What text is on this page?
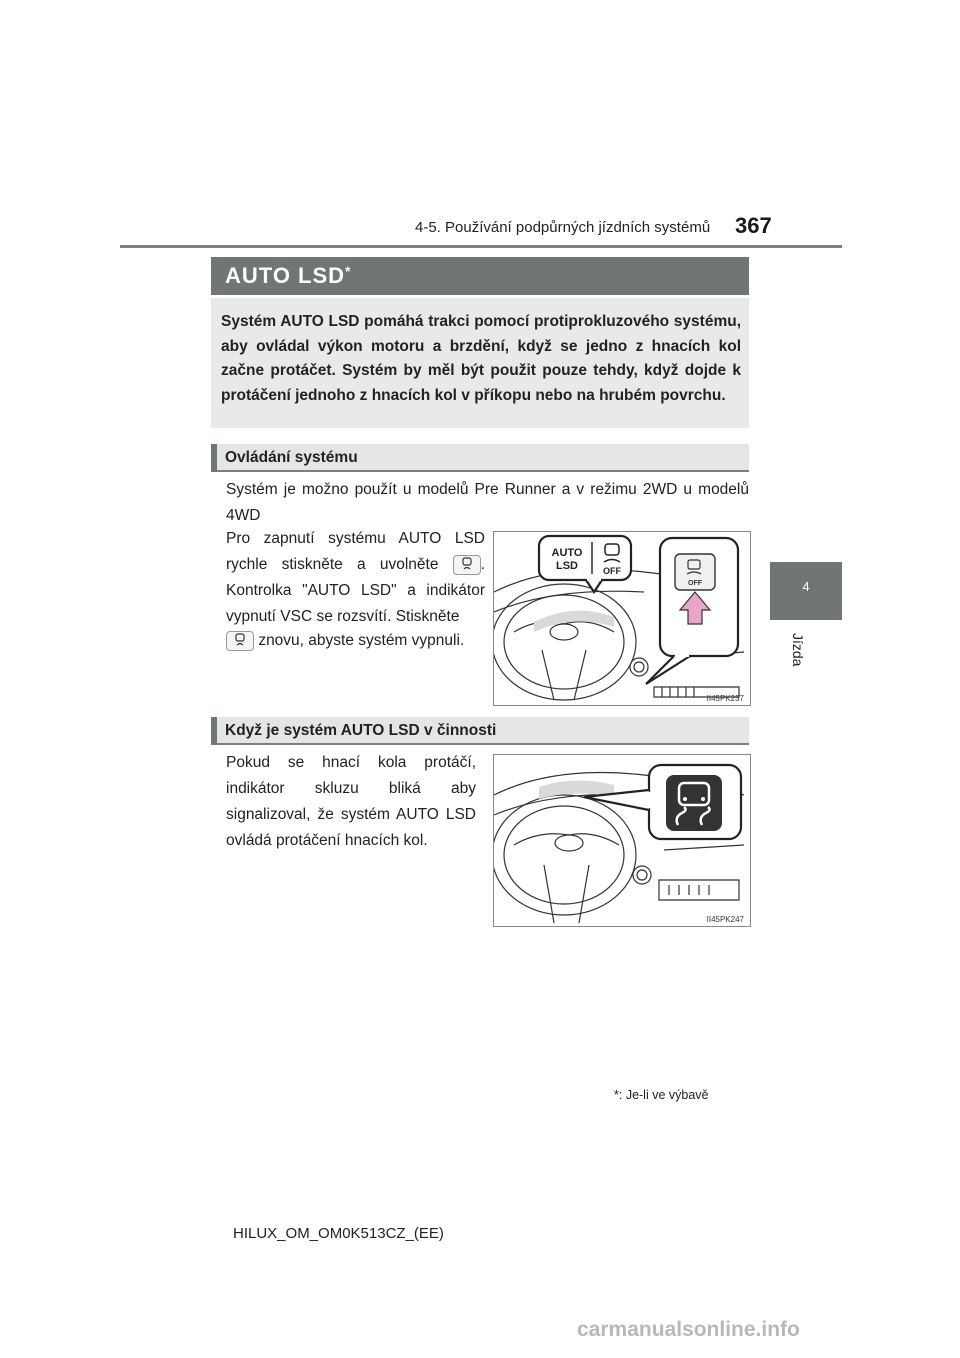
4-5. Používání podpůrných jízdních systémů 367
4
Jízda
AUTO LSD*
Systém AUTO LSD pomáhá trakci pomocí protiprokluzového systému, aby ovládal výkon motoru a brzdění, když se jedno z hnacích kol začne protáčet. Systém by měl být použit pouze tehdy, když dojde k protáčení jednoho z hnacích kol v příkopu nebo na hrubém povrchu.
Ovládání systému
Systém je možno použít u modelů Pre Runner a v režimu 2WD u modelů 4WD
Pro zapnutí systému AUTO LSD rychle stiskněte a uvolněte	. Kontrolka "AUTO LSD" a indikátor vypnutí VSC se rozsvítí. Stiskněte
znovu, abyste systém vypnuli.
AUTO
LSD	OFF
OFF
II45PK237
Když je systém AUTO LSD v činnosti
Pokud se hnací kola protáčí, indikátor skluzu bliká aby signalizoval, že systém AUTO LSD ovládá protáčení hnacích kol.
II45PK247
*: Je-li ve výbavě
HILUX_OM_OM0K513CZ_(EE)
carmanualsonline.info
